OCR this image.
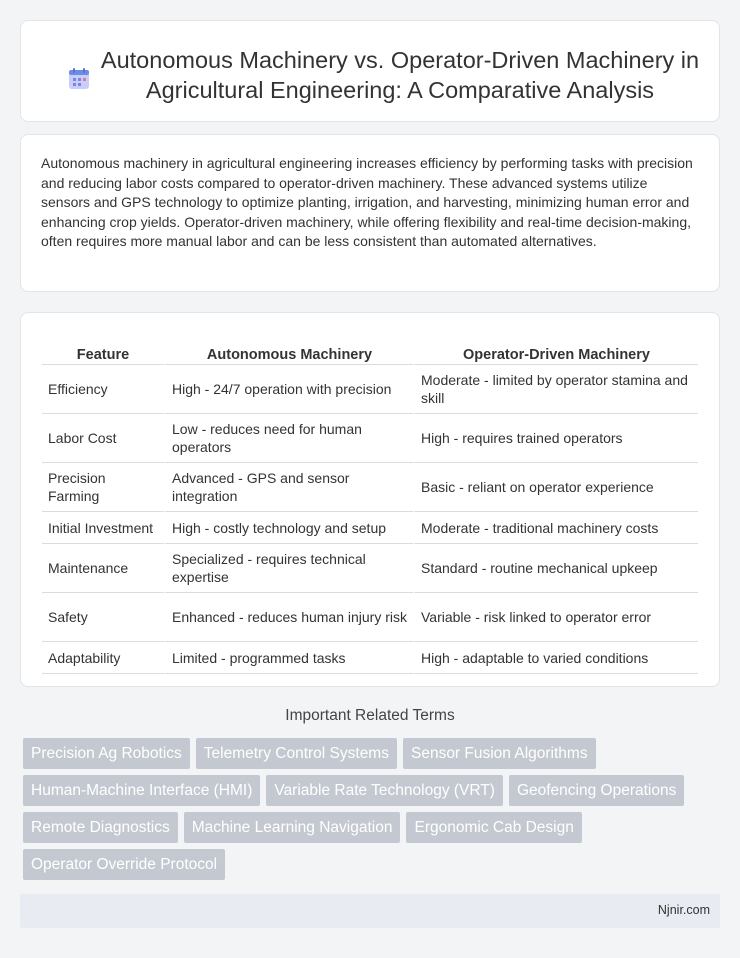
Autonomous Machinery vs. Operator-Driven Machinery in Agricultural Engineering: A Comparative Analysis

Autonomous machinery in agricultural engineering increases efficiency by performing tasks with precision and reducing labor costs compared to operator-driven machinery. These advanced systems utilize sensors and GPS technology to optimize planting, irrigation, and harvesting, minimizing human error and enhancing crop yields. Operator-driven machinery, while offering flexibility and real-time decision-making, often requires more manual labor and can be less consistent than automated alternatives.

Feature	Autonomous Machinery	Operator-Driven Machinery
Efficiency	High - 24/7 operation with precision	Moderate - limited by operator stamina and skill
Labor Cost	Low - reduces need for human operators	High - requires trained operators
Precision Farming	Advanced - GPS and sensor integration	Basic - reliant on operator experience
Initial Investment	High - costly technology and setup	Moderate - traditional machinery costs
Maintenance	Specialized - requires technical expertise	Standard - routine mechanical upkeep
Safety	Enhanced - reduces human injury risk	Variable - risk linked to operator error
Adaptability	Limited - programmed tasks	High - adaptable to varied conditions
Important Related Terms
Precision Ag Robotics	Telemetry Control Systems	Sensor Fusion Algorithms
Human-Machine Interface (HMI)	Variable Rate Technology (VRT)	Geofencing Operations
Remote Diagnostics	Machine Learning Navigation	Ergonomic Cab Design
Operator Override Protocol
Njnir.com
